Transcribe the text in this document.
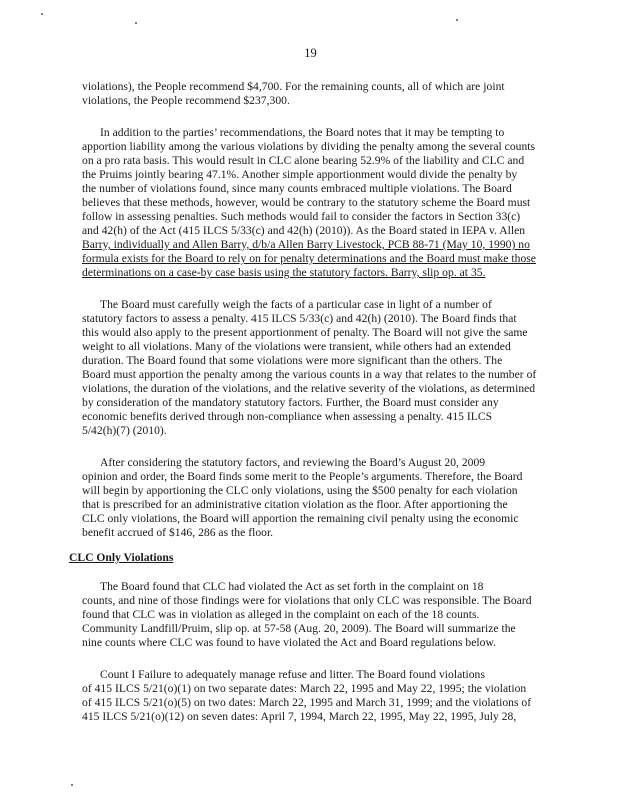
19
violations), the People recommend $4,700. For the remaining counts, all of which are joint
violations, the People recommend $237,300.
In addition to the parties’ recommendations, the Board notes that it may be tempting to
apportion liability among the various violations by dividing the penalty among the several counts
on a pro rata basis. This would result in CLC alone bearing 52.9% of the liability and CLC and
the Pruims jointly bearing 47.1%. Another simple apportionment would divide the penalty by
the number of violations found, since many counts embraced multiple violations. The Board
believes that these methods, however, would be contrary to the statutory scheme the Board must
follow in assessing penalties. Such methods would fail to consider the factors in Section 33(c)
and 42(h) of the Act (415 ILCS 5/33(c) and 42(h) (2010)). As the Board stated in IEPA v. Allen
Barry, individually and Allen Barry, d/b/a Allen Barry Livestock, PCB 88-71 (May 10, 1990) no
formula exists for the Board to rely on for penalty determinations and the Board must make those
determinations on a case-by case basis using the statutory factors. Barry, slip op. at 35.
The Board must carefully weigh the facts of a particular case in light of a number of
statutory factors to assess a penalty. 415 ILCS 5/33(c) and 42(h) (2010). The Board finds that
this would also apply to the present apportionment of penalty. The Board will not give the same
weight to all violations. Many of the violations were transient, while others had an extended
duration. The Board found that some violations were more significant than the others. The
Board must apportion the penalty among the various counts in a way that relates to the number of
violations, the duration of the violations, and the relative severity of the violations, as determined
by consideration of the mandatory statutory factors. Further, the Board must consider any
economic benefits derived through non-compliance when assessing a penalty. 415 ILCS
5/42(h)(7) (2010).
After considering the statutory factors, and reviewing the Board’s August 20, 2009
opinion and order, the Board finds some merit to the People’s arguments. Therefore, the Board
will begin by apportioning the CLC only violations, using the $500 penalty for each violation
that is prescribed for an administrative citation violation as the floor. After apportioning the
CLC only violations, the Board will apportion the remaining civil penalty using the economic
benefit accrued of $146, 286 as the floor.
CLC Only Violations
The Board found that CLC had violated the Act as set forth in the complaint on 18
counts, and nine of those findings were for violations that only CLC was responsible. The Board
found that CLC was in violation as alleged in the complaint on each of the 18 counts.
Community Landfill/Pruim, slip op. at 57-58 (Aug. 20, 2009). The Board will summarize the
nine counts where CLC was found to have violated the Act and Board regulations below.
Count I Failure to adequately manage refuse and litter. The Board found violations
of 415 ILCS 5/21(o)(1) on two separate dates: March 22, 1995 and May 22, 1995; the violation
of 415 ILCS 5/21(o)(5) on two dates: March 22, 1995 and March 31, 1999; and the violations of
415 ILCS 5/21(o)(12) on seven dates: April 7, 1994, March 22, 1995, May 22, 1995, July 28,
